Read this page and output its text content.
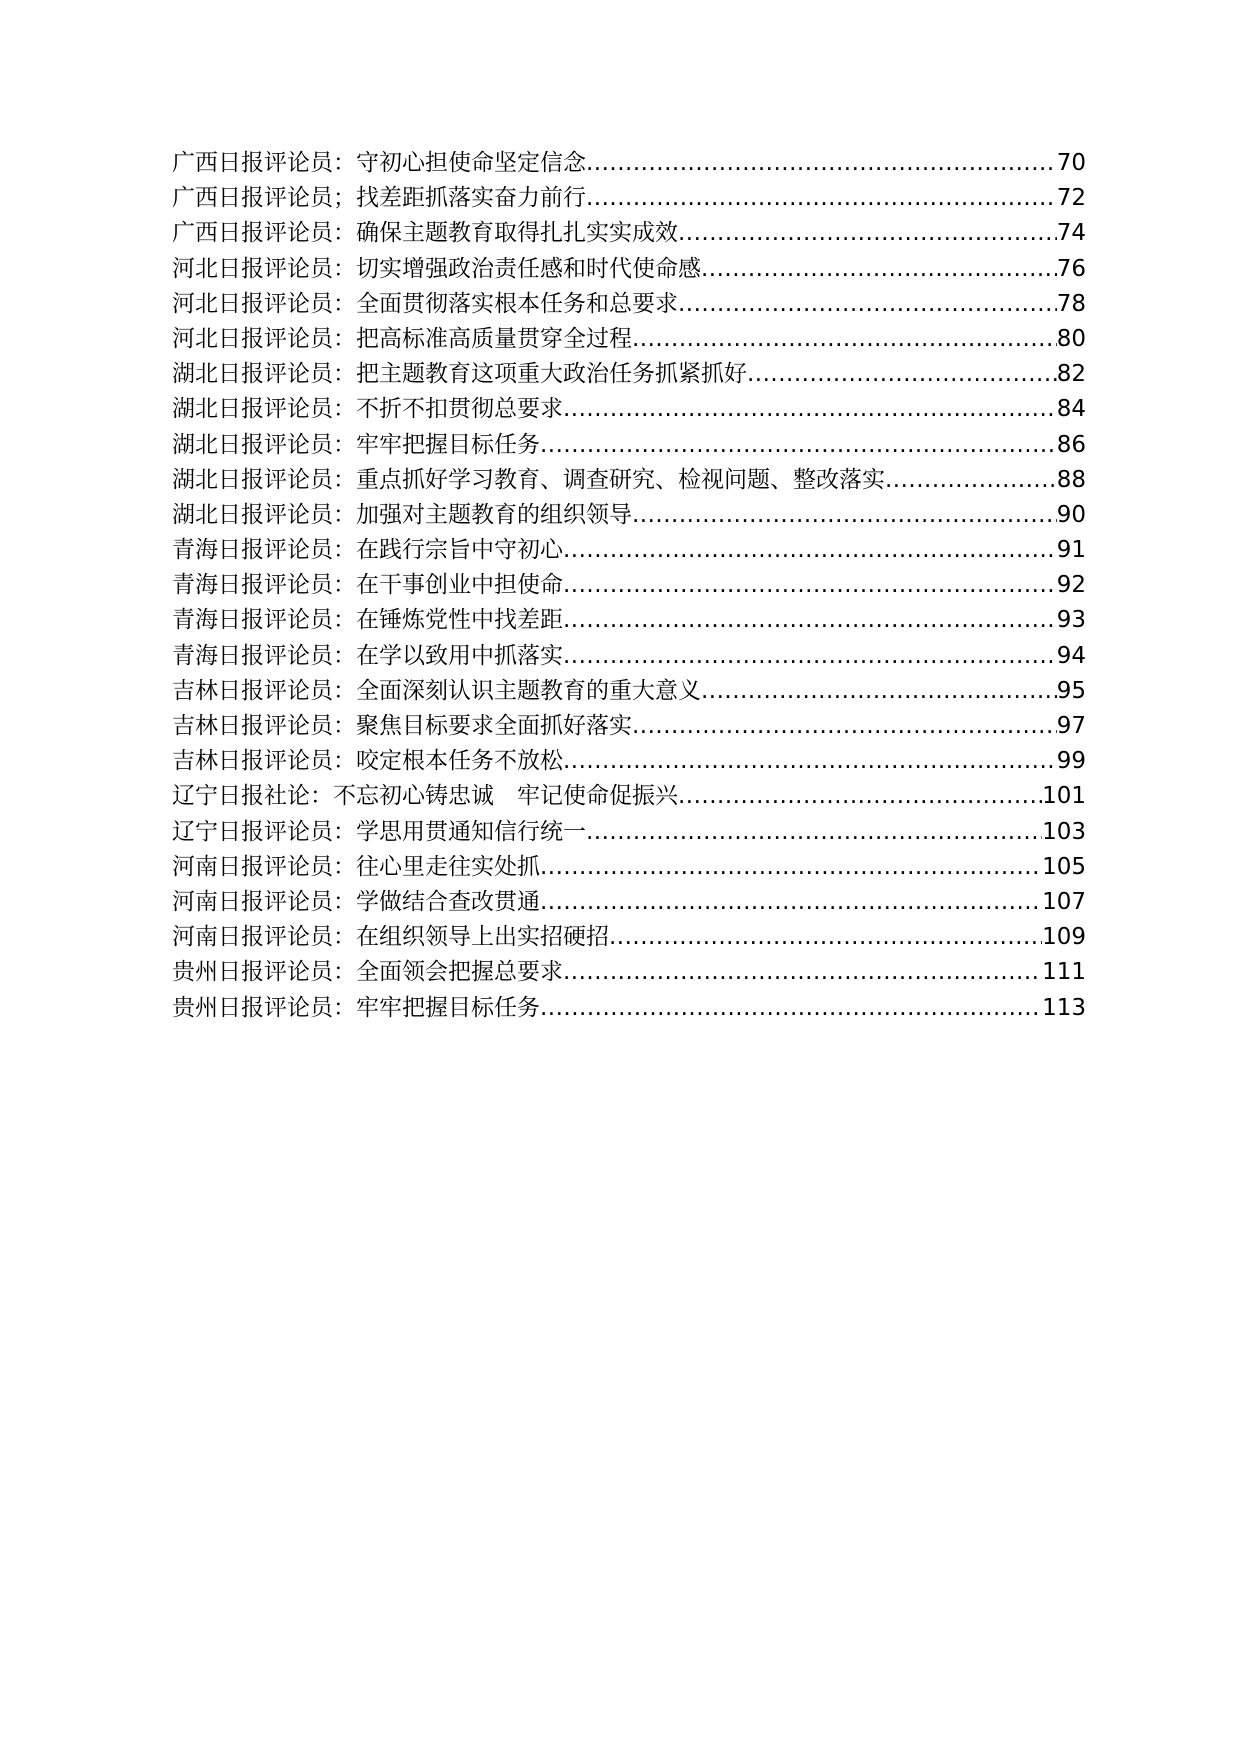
广西日报评论员：守初心担使命坚定信念 .....	70
广西日报评论员；找差距抓落实奋力前行 .....	72
广西日报评论员：确保主题教育取得扎扎实实成效 .....	74
河北日报评论员：切实增强政治责任感和时代使命感 .....	76
河北日报评论员：全面贯彻落实根本任务和总要求 .....	78
河北日报评论员：把高标准高质量贯穿全过程 .....	80
湖北日报评论员：把主题教育这项重大政治任务抓紧抓好 .....	82
湖北日报评论员：不折不扣贯彻总要求 .....	84
湖北日报评论员：牢牢把握目标任务 .....	86
湖北日报评论员：重点抓好学习教育、调查研究、检视问题、整改落实 .....	88
湖北日报评论员：加强对主题教育的组织领导 .....	90
青海日报评论员：在践行宗旨中守初心 .....	91
青海日报评论员：在干事创业中担使命 .....	92
青海日报评论员：在锤炼党性中找差距 .....	93
青海日报评论员：在学以致用中抓落实 .....	94
吉林日报评论员：全面深刻认识主题教育的重大意义 .....	95
吉林日报评论员：聚焦目标要求全面抓好落实 .....	97
吉林日报评论员：咬定根本任务不放松 .....	99
辽宁日报社论：不忘初心铸忠诚　牢记使命促振兴 .....	101
辽宁日报评论员：学思用贯通知信行统一 .....	103
河南日报评论员：往心里走往实处抓 .....	105
河南日报评论员：学做结合查改贯通 .....	107
河南日报评论员：在组织领导上出实招硬招 .....	109
贵州日报评论员：全面领会把握总要求 .....	111
贵州日报评论员：牢牢把握目标任务 .....	113
